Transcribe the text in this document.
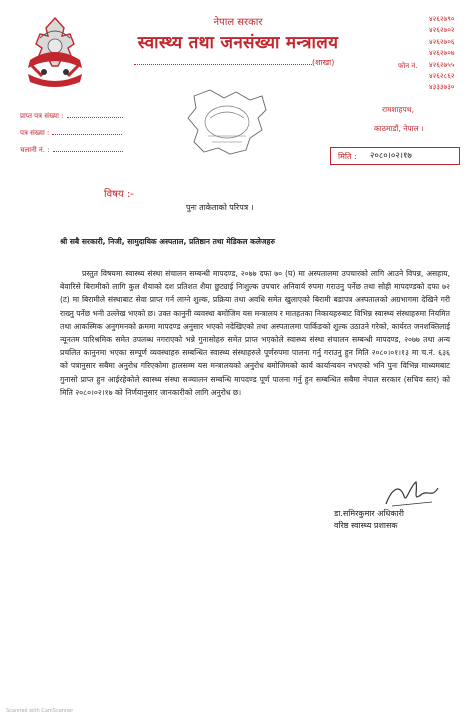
नेपाल सरकार
स्वास्थ्य तथा जनसंख्या मन्त्रालय
(शाखा)	फोन नं.
४२६२७९०
४२६२७०२
४२६२७०६
४२६२७०७
४२६२७५५
४२६२८६२
४३३३७३०
प्राप्त पत्र संख्या :
पत्र संख्या :
चलानी नं. :
रामशाहपथ,
काठमाडौं, नेपाल ।
मिति : २०८०।०२।१७
विषय :-
पुनः ताकेताको परिपत्र ।
श्री सबै सरकारी, निजी, सामुदायिक अस्पताल, प्रतिष्ठान तथा मेडिकल कलेजहरु
प्रस्तुत विषयमा स्वास्थ्य संस्था संचालन सम्बन्धी मापदण्ड, २०७७ दफा ७० (घ) मा अस्पतालमा उपचारको लागि आउने विपन्न, असहाय, बेवारिसे बिरामीको लागि कुल शैयाको दश प्रतिशत शैया छुट्याई निःशुल्क उपचार अनिवार्य रुपमा गराउनु पर्नेछ तथा सोही मापदण्डको दफा ७२ (ट) मा बिरामीले संस्थाबाट सेवा प्राप्त गर्न लाग्ने शुल्क, प्रक्रिया तथा अवधि समेत खुलाएको बिरामी बडापत्र अस्पतालको अग्रभागमा देखिने गरी राख्नु पर्नेछ भनी उल्लेख भएको छ। उक्त कानुनी व्यवस्था बमोजिम यस मन्त्रालय र मातहतका निकायहरुबाट विभिन्न स्वास्थ्य संस्थाहरुमा नियमित तथा आकस्मिक अनुगमनको क्रममा मापदण्ड अनुसार भएको नदेखिएको तथा अस्पतालमा पार्किङको शुल्क उठाउने गरेको, कार्यरत जनशक्तिलाई न्यूनतम पारिश्रमिक समेत उपलब्ध नगराएको भन्ने गुनासोहरु समेत प्राप्त भएकोले स्वास्थ्य संस्था संचालन सम्बन्धी मापदण्ड, २०७७ तथा अन्य प्रचलित कानुनमा भएका सम्पूर्ण व्यवस्थाहरु सम्बन्धित स्वास्थ्य संस्थाहरुले पूर्णरुपमा पालना गर्नु गराउनु हुन मिति २०८०।०१।१३ मा च.नं. ६३६ को पत्रानुसार सबैमा अनुरोध गरिएकोमा हालसम्म यस मन्त्रालयको अनुरोध बमोजिमको कार्य कार्यान्वयन नभएको भनि पुनः विभिन्न माध्यमबाट गुनासो प्राप्त हुन आईरहेकोले स्वास्थ्य संस्था सञ्चालन सम्बन्धि मापदण्ड पूर्ण पालना गर्नु हुन सम्बन्धित सबैमा नेपाल सरकार (सचिव स्तर) को मिति २०८०।०२।१७ को निर्णयानुसार जानकारीको लागि अनुरोध छ।
डा.समिरकुमार अधिकारी
वरिष्ठ स्वास्थ्य प्रशासक
Scanned with CamScanner
